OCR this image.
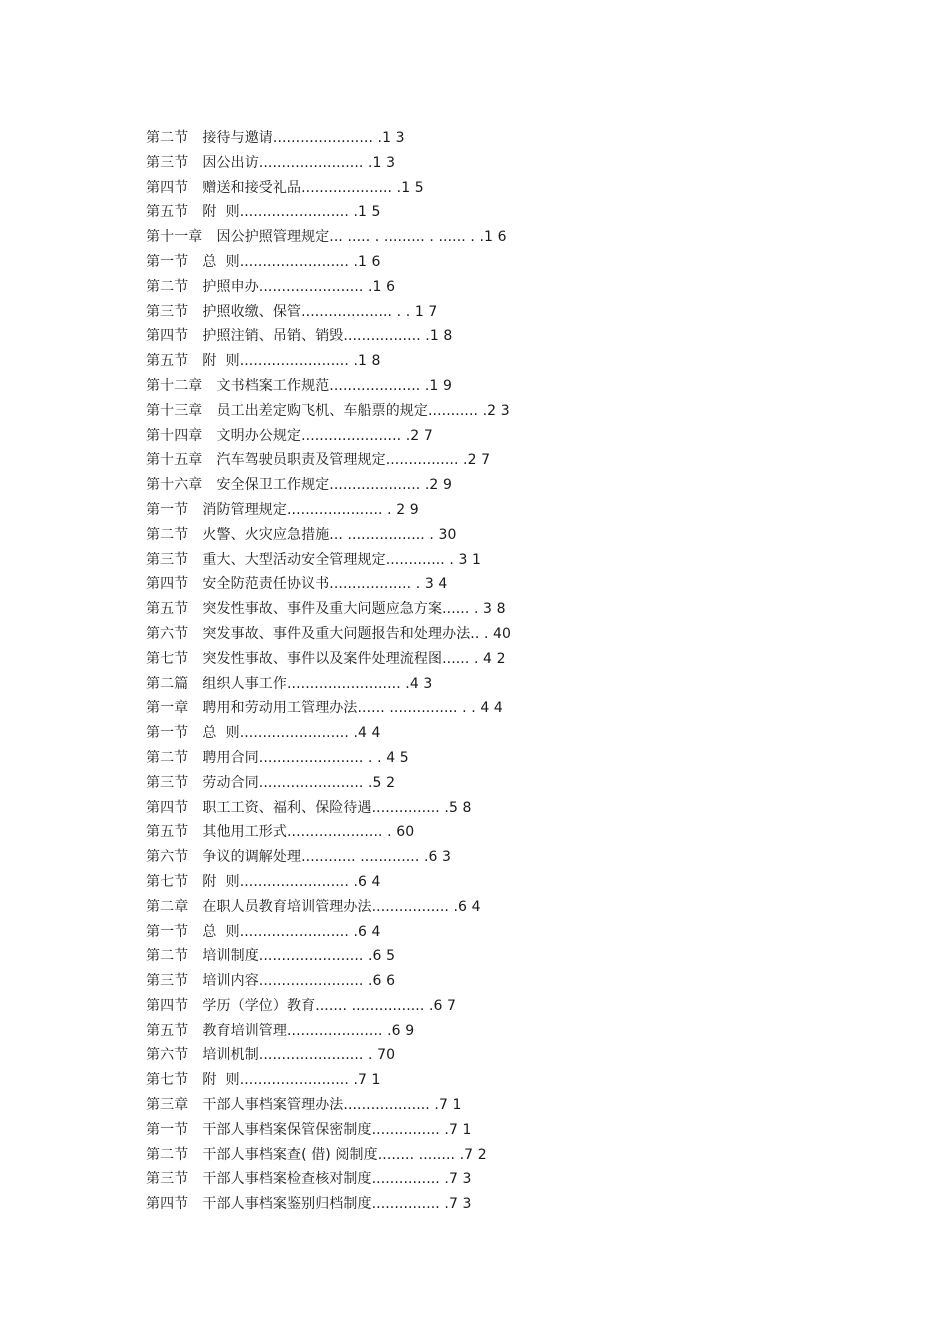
第二节　接待与邀请...................... .1 3
第三节　因公出访....................... .1 3
第四节　赠送和接受礼品.................... .1 5
第五节　附  则........................ .1 5
第十一章　因公护照管理规定... ..... . ......... . ...... . .1 6
第一节　总  则........................ .1 6
第二节　护照申办....................... .1 6
第三节　护照收缴、保管.................... . . 1 7
第四节　护照注销、吊销、销毁................. .1 8
第五节　附  则........................ .1 8
第十二章　文书档案工作规范.................... .1 9
第十三章　员工出差定购飞机、车船票的规定........... .2 3
第十四章　文明办公规定...................... .2 7
第十五章　汽车驾驶员职责及管理规定................ .2 7
第十六章　安全保卫工作规定.................... .2 9
第一节　消防管理规定..................... . 2 9
第二节　火警、火灾应急措施... ................. . 30
第三节　重大、大型活动安全管理规定............. . 3 1
第四节　安全防范责任协议书.................. . 3 4
第五节　突发性事故、事件及重大问题应急方案...... . 3 8
第六节　突发事故、事件及重大问题报告和处理办法.. . 40
第七节　突发性事故、事件以及案件处理流程图...... . 4 2
第二篇　组织人事工作......................... .4 3
第一章　聘用和劳动用工管理办法...... ............... . . 4 4
第一节　总  则........................ .4 4
第二节　聘用合同....................... . . 4 5
第三节　劳动合同....................... .5 2
第四节　职工工资、福利、保险待遇............... .5 8
第五节　其他用工形式..................... . 60
第六节　争议的调解处理............ ............. .6 3
第七节　附  则........................ .6 4
第二章　在职人员教育培训管理办法................. .6 4
第一节　总  则........................ .6 4
第二节　培训制度....................... .6 5
第三节　培训内容....................... .6 6
第四节　学历（学位）教育....... ................ .6 7
第五节　教育培训管理..................... .6 9
第六节　培训机制....................... . 70
第七节　附  则........................ .7 1
第三章　干部人事档案管理办法................... .7 1
第一节　干部人事档案保管保密制度............... .7 1
第二节　干部人事档案查( 借) 阅制度........ ........ .7 2
第三节　干部人事档案检查核对制度............... .7 3
第四节　干部人事档案鉴别归档制度............... .7 3
